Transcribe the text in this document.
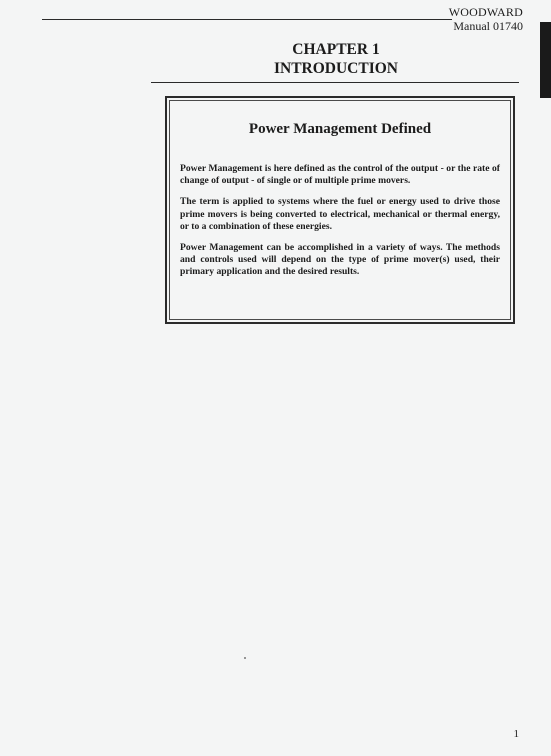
WOODWARD
Manual 01740
CHAPTER 1
INTRODUCTION
Power Management Defined

Power Management is here defined as the control of the output - or the rate of change of output - of single or of multiple prime movers.

The term is applied to systems where the fuel or energy used to drive those prime movers is being converted to electrical, mechanical or thermal energy, or to a combination of these energies.

Power Management can be accomplished in a variety of ways. The methods and controls used will depend on the type of prime mover(s) used, their primary application and the desired results.

1
